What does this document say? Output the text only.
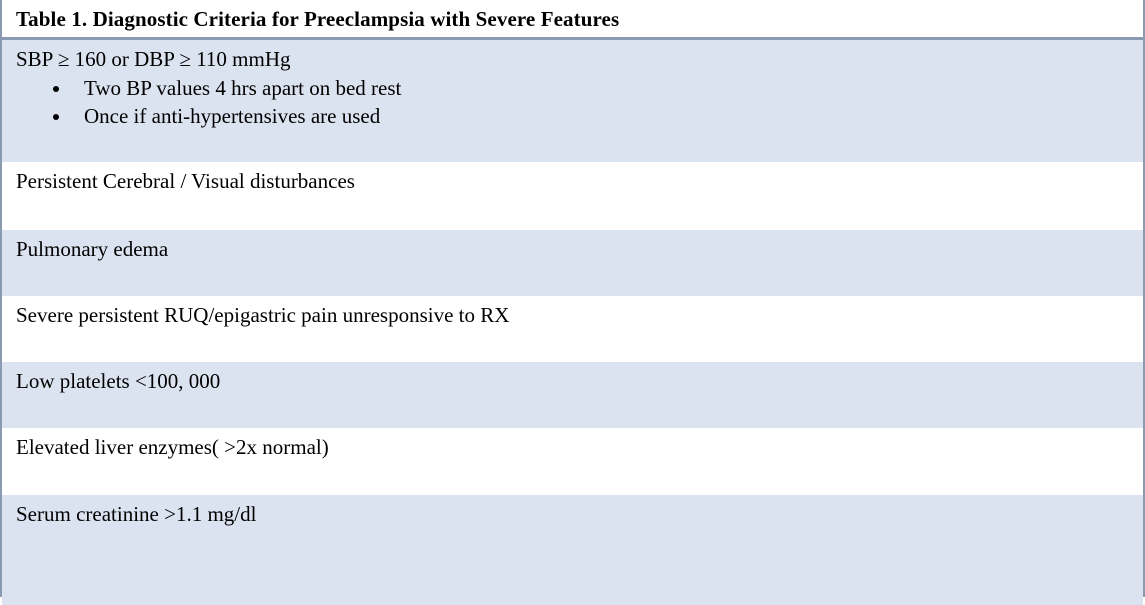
Table 1. Diagnostic Criteria for Preeclampsia with Severe Features
SBP ≥ 160 or DBP ≥ 110 mmHg
• Two BP values 4 hrs apart on bed rest
• Once if anti-hypertensives are used
Persistent Cerebral / Visual disturbances
Pulmonary edema
Severe persistent RUQ/epigastric pain unresponsive to RX
Low platelets <100, 000
Elevated liver enzymes( >2x normal)
Serum creatinine >1.1 mg/dl
